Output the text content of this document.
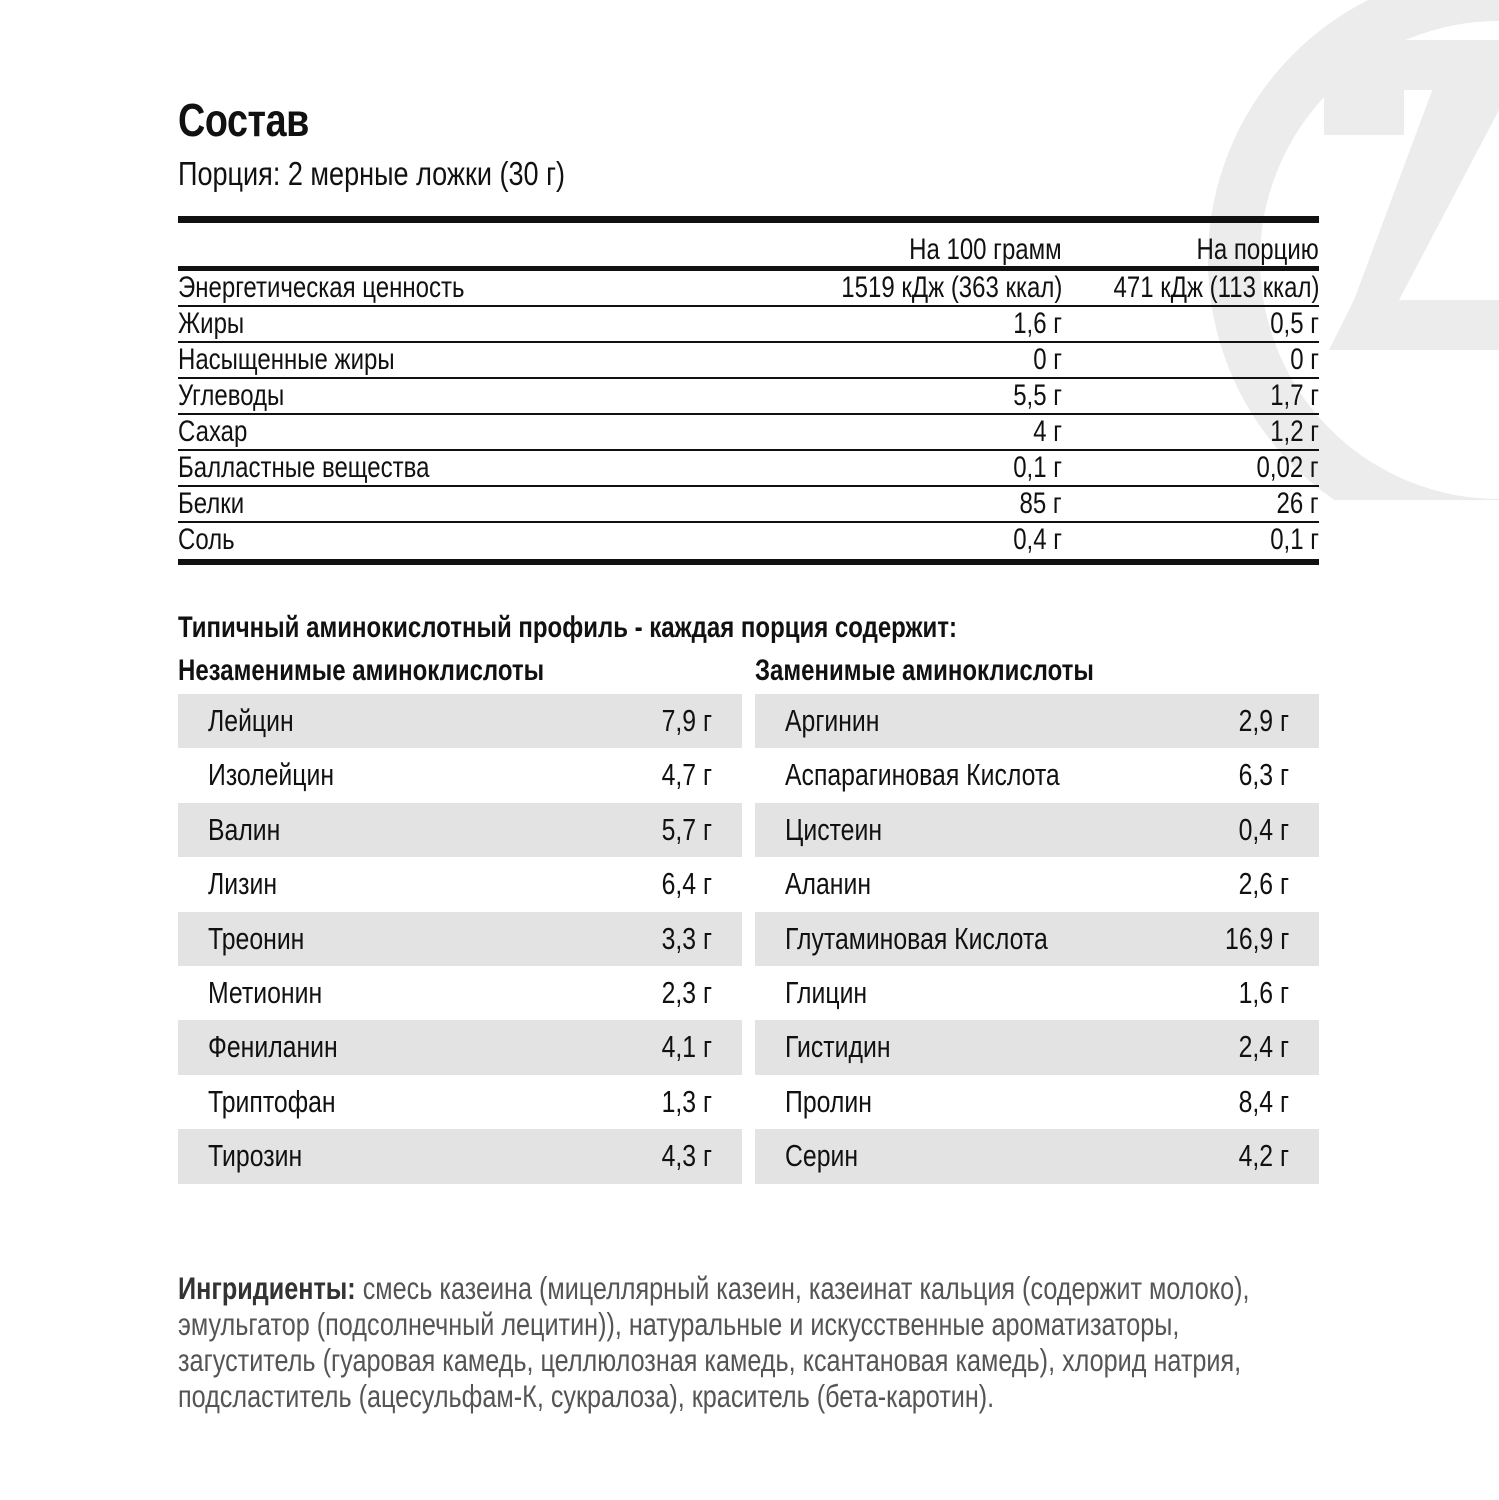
Состав
Порция: 2 мерные ложки (30 г)
На 100 грамм	На порцию
Энергетическая ценность	1519 кДж (363 ккал) 471 кДж (113 ккал)
Жиры	1,6 г	0,5 г
Насыщенные жиры	0 г	0 г
Углеводы	5,5 г	1,7 г
Сахар	4 г	1,2 г
Балластные вещества	0,1 г	0,02 г
Белки	85 г	26 г
Соль	0,4 г	0,1 г
Типичный аминокислотный профиль - каждая порция содержит:
Незаменимые аминоклислоты	Заменимые аминоклислоты
Лейцин	7,9 г
Изолейцин	4,7 г
Валин	5,7 г
Лизин	6,4 г
Треонин	3,3 г
Метионин	2,3 г
Фениланин	4,1 г
Триптофан	1,3 г
Тирозин	4,3 г
Аргинин	2,9 г
Аспарагиновая Кислота	6,3 г
Цистеин	0,4 г
Аланин	2,6 г
Глутаминовая Кислота	16,9 г
Глицин	1,6 г
Гистидин	2,4 г
Пролин	8,4 г
Серин	4,2 г
Ингридиенты: смесь казеина (мицеллярный казеин, казеинат кальция (содержит молоко), эмульгатор (подсолнечный лецитин)), натуральные и искусственные ароматизаторы, загуститель (гуаровая камедь, целлюлозная камедь, ксантановая камедь), хлорид натрия, подсластитель (ацесульфам-К, сукралоза), краситель (бета-каротин).
